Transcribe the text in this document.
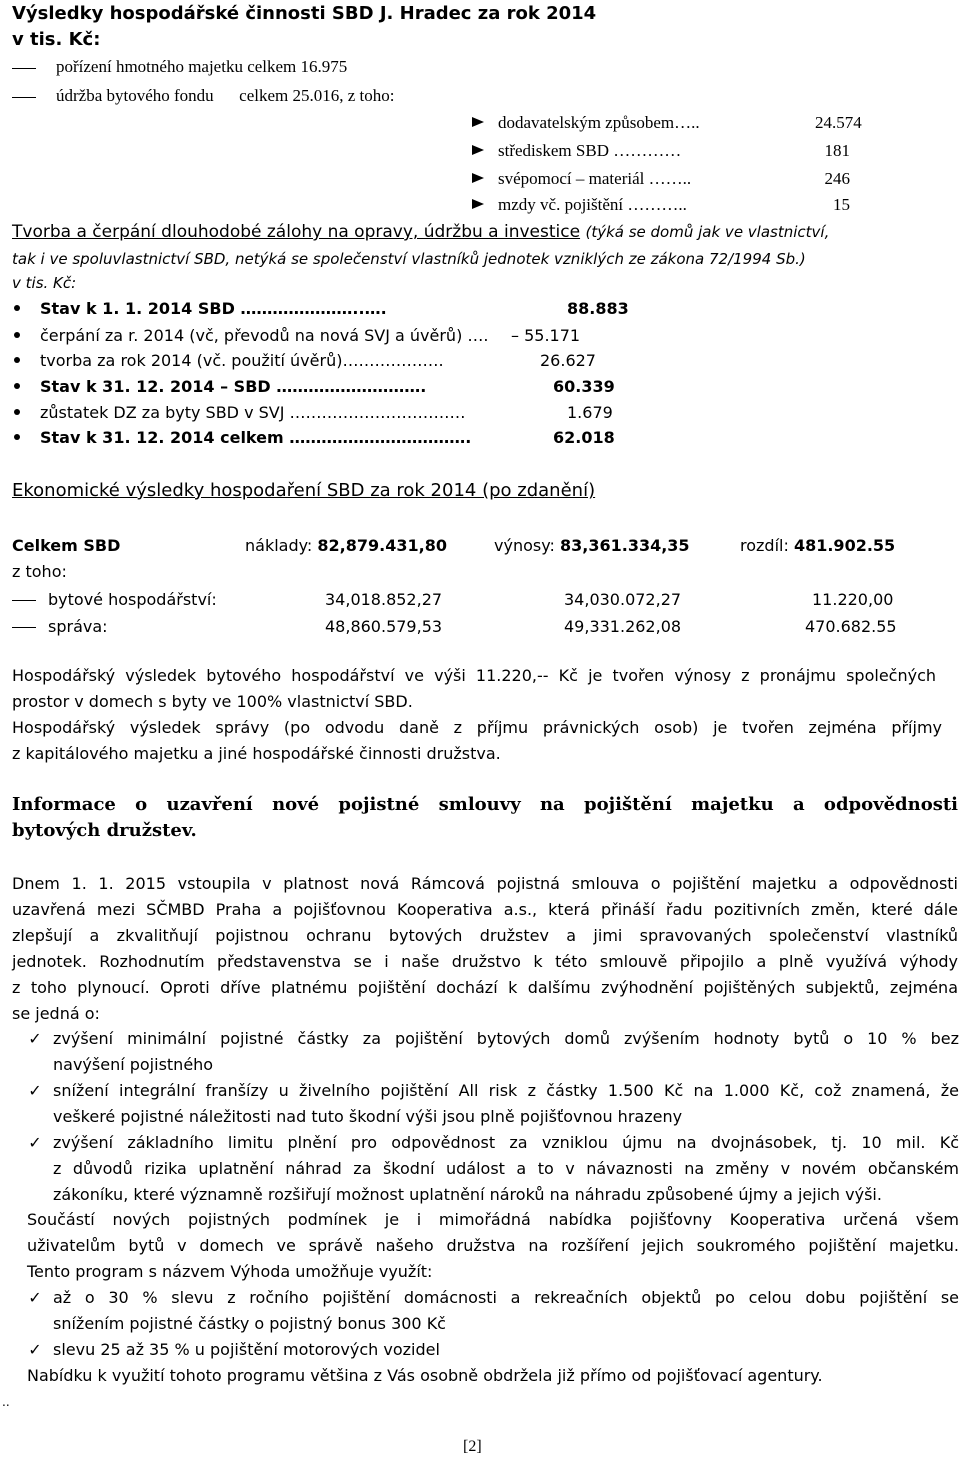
Výsledky hospodářské činnosti SBD J. Hradec za rok 2014
v tis. Kč:
pořízení hmotného majetku celkem 16.975
údržba bytového fondu      celkem 25.016, z toho:
dodavatelským způsobem…..	24.574
střediskem SBD …………	181
svépomocí – materiál ……..	246
mzdy vč. pojištění ………..	15
Tvorba a čerpání dlouhodobé zálohy na opravy, údržbu a investice (týká se domů jak ve vlastnictví,
tak i ve spoluvlastnictví SBD, netýká se společenství vlastníků jednotek vzniklých ze zákona 72/1994 Sb.)
v tis. Kč:
Stav k 1. 1. 2014 SBD …………………..….	88.883
čerpání za r. 2014 (vč, převodů na nová SVJ a úvěrů) …. – 55.171
tvorba za rok 2014 (vč. použití úvěrů)……………….	26.627
Stav k 31. 12. 2014 – SBD ……………………….	60.339
zůstatek DZ za byty SBD v SVJ ……………………………	1.679
Stav k 31. 12. 2014 celkem …………………………….	62.018
Ekonomické výsledky hospodaření SBD za rok 2014 (po zdanění)
Celkem SBD	náklady: 82,879.431,80	výnosy: 83,361.334,35	rozdíl: 481.902.55
z toho:
bytové hospodářství:	34,018.852,27	34,030.072,27	11.220,00
správa:	48,860.579,53	49,331.262,08	470.682.55
Hospodářský výsledek bytového hospodářství ve výši 11.220,-- Kč je tvořen výnosy z pronájmu společných
prostor v domech s byty ve 100% vlastnictví SBD.
Hospodářský výsledek správy (po odvodu daně z příjmu právnických osob) je tvořen zejména příjmy
z kapitálového majetku a jiné hospodářské činnosti družstva.
Informace o uzavření nové pojistné smlouvy na pojištění majetku a odpovědnosti
bytových družstev.
Dnem 1. 1. 2015 vstoupila v platnost nová Rámcová pojistná smlouva o pojištění majetku a odpovědnosti
uzavřená mezi SČMBD Praha a pojišťovnou Kooperativa a.s., která přináší řadu pozitivních změn, které dále
zlepšují a zkvalitňují pojistnou ochranu bytových družstev a jimi spravovaných společenství vlastníků
jednotek. Rozhodnutím představenstva se i naše družstvo k této smlouvě připojilo a plně využívá výhody
z toho plynoucí. Oproti dříve platnému pojištění dochází k dalšímu zvýhodnění pojištěných subjektů, zejména
se jedná o:
✓ zvýšení minimální pojistné částky za pojištění bytových domů zvýšením hodnoty bytů o 10 % bez
navýšení pojistného
✓ snížení integrální franšízy u živelního pojištění All risk z částky 1.500 Kč na 1.000 Kč, což znamená, že
veškeré pojistné náležitosti nad tuto škodní výši jsou plně pojišťovnou hrazeny
✓ zvýšení základního limitu plnění pro odpovědnost za vzniklou újmu na dvojnásobek, tj. 10 mil. Kč
z důvodů rizika uplatnění náhrad za škodní událost a to v návaznosti na změny v novém občanském
zákoníku, které významně rozšiřují možnost uplatnění nároků na náhradu způsobené újmy a jejich výši.
Součástí nových pojistných podmínek je i mimořádná nabídka pojišťovny Kooperativa určená všem
uživatelům bytů v domech ve správě našeho družstva na rozšíření jejich soukromého pojištění majetku.
Tento program s názvem Výhoda umožňuje využít:
✓ až o 30 % slevu z ročního pojištění domácnosti a rekreačních objektů po celou dobu pojištění se
snížením pojistné částky o pojistný bonus 300 Kč
✓ slevu 25 až 35 % u pojištění motorových vozidel
Nabídku k využití tohoto programu většina z Vás osobně obdržela již přímo od pojišťovací agentury.
..
[2]
